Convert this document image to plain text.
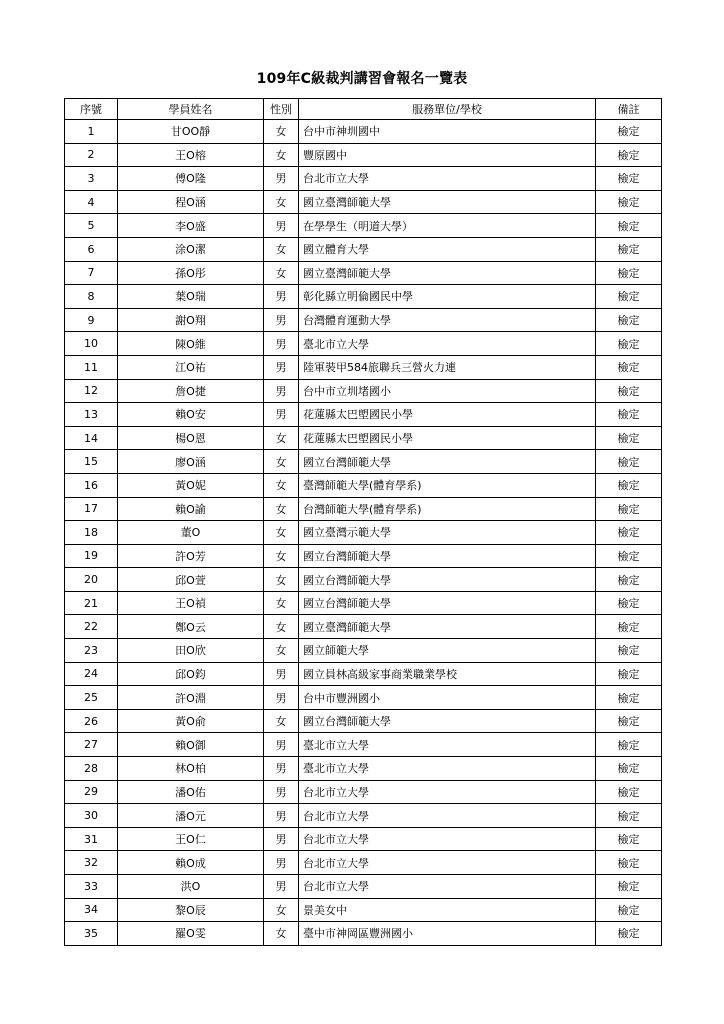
109年C級裁判講習會報名一覽表
序號	學員姓名	性別	服務單位/學校	備註
1	甘OO靜	女	台中市神圳國中	檢定
2	王O榕	女	豐原國中	檢定
3	傅O隆	男	台北市立大學	檢定
4	程O涵	女	國立臺灣師範大學	檢定
5	李O盛	男	在學學生（明道大學）	檢定
6	涂O潔	女	國立體育大學	檢定
7	孫O彤	女	國立臺灣師範大學	檢定
8	葉O瑞	男	彰化縣立明倫國民中學	檢定
9	謝O翔	男	台灣體育運動大學	檢定
10	陳O維	男	臺北市立大學	檢定
11	江O祐	男	陸軍裝甲584旅聯兵三營火力連	檢定
12	詹O捷	男	台中市立圳堵國小	檢定
13	賴O安	男	花蓮縣太巴塱國民小學	檢定
14	楊O恩	女	花蓮縣太巴塱國民小學	檢定
15	廖O涵	女	國立台灣師範大學	檢定
16	黃O妮	女	臺灣師範大學(體育學系)	檢定
17	賴O諭	女	台灣師範大學(體育學系)	檢定
18	董O	女	國立臺灣示範大學	檢定
19	許O芳	女	國立台灣師範大學	檢定
20	邱O萱	女	國立台灣師範大學	檢定
21	王O禎	女	國立台灣師範大學	檢定
22	鄭O云	女	國立臺灣師範大學	檢定
23	田O欣	女	國立師範大學	檢定
24	邱O鈞	男	國立員林高級家事商業職業學校	檢定
25	許O淵	男	台中市豐洲國小	檢定
26	黃O俞	女	國立台灣師範大學	檢定
27	賴O御	男	臺北市立大學	檢定
28	林O柏	男	臺北市立大學	檢定
29	潘O佑	男	台北市立大學	檢定
30	潘O元	男	台北市立大學	檢定
31	王O仁	男	台北市立大學	檢定
32	賴O成	男	台北市立大學	檢定
33	洪O	男	台北市立大學	檢定
34	黎O辰	女	景美女中	檢定
35	羅O雯	女	臺中市神岡區豐洲國小	檢定
